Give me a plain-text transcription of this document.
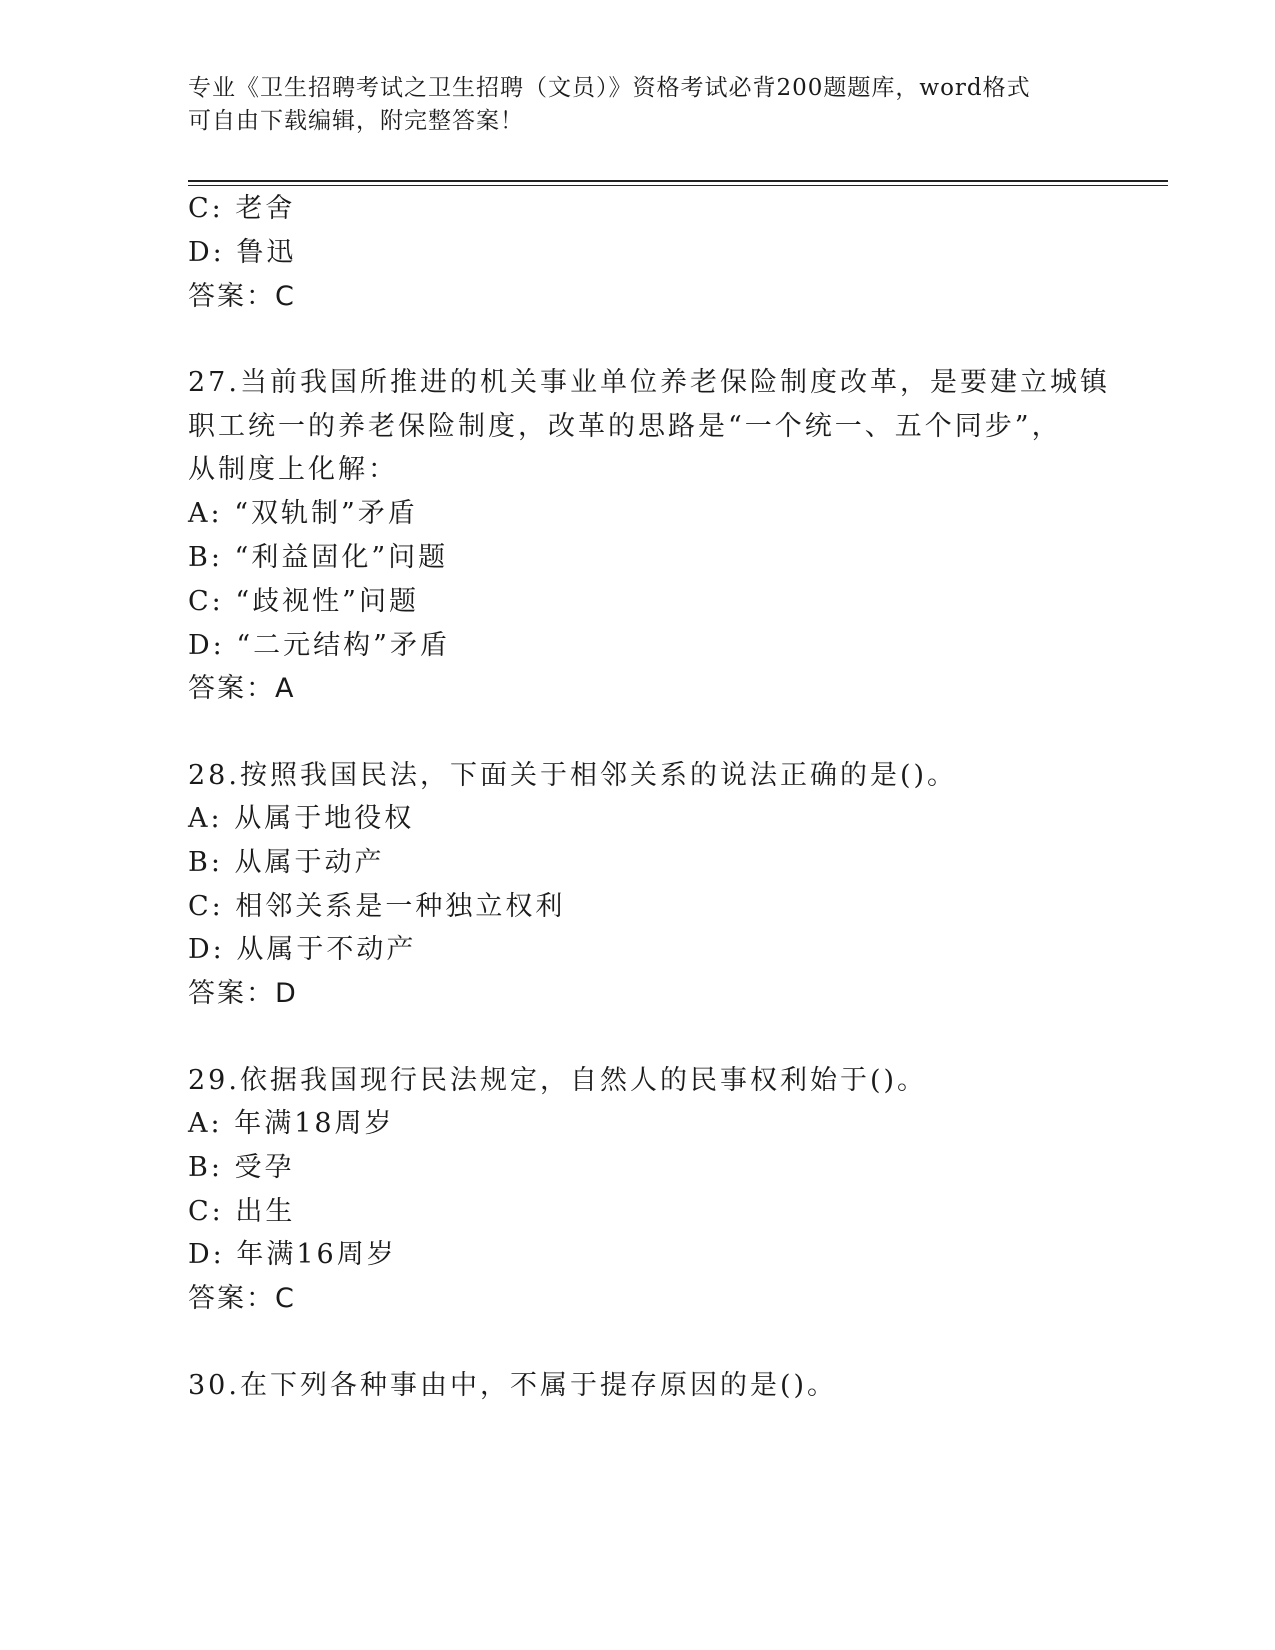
专业《卫生招聘考试之卫生招聘（文员）》资格考试必背200题题库，word格式
可自由下载编辑，附完整答案！
C: 老舍
D: 鲁迅
答案：C
27.当前我国所推进的机关事业单位养老保险制度改革，是要建立城镇
职工统一的养老保险制度，改革的思路是“一个统一、五个同步”，
从制度上化解：
A: “双轨制”矛盾
B: “利益固化”问题
C: “歧视性”问题
D: “二元结构”矛盾
答案：A
28.按照我国民法，下面关于相邻关系的说法正确的是()。
A: 从属于地役权
B: 从属于动产
C: 相邻关系是一种独立权利
D: 从属于不动产
答案：D
29.依据我国现行民法规定，自然人的民事权利始于()。
A: 年满18周岁
B: 受孕
C: 出生
D: 年满16周岁
答案：C
30.在下列各种事由中，不属于提存原因的是()。
